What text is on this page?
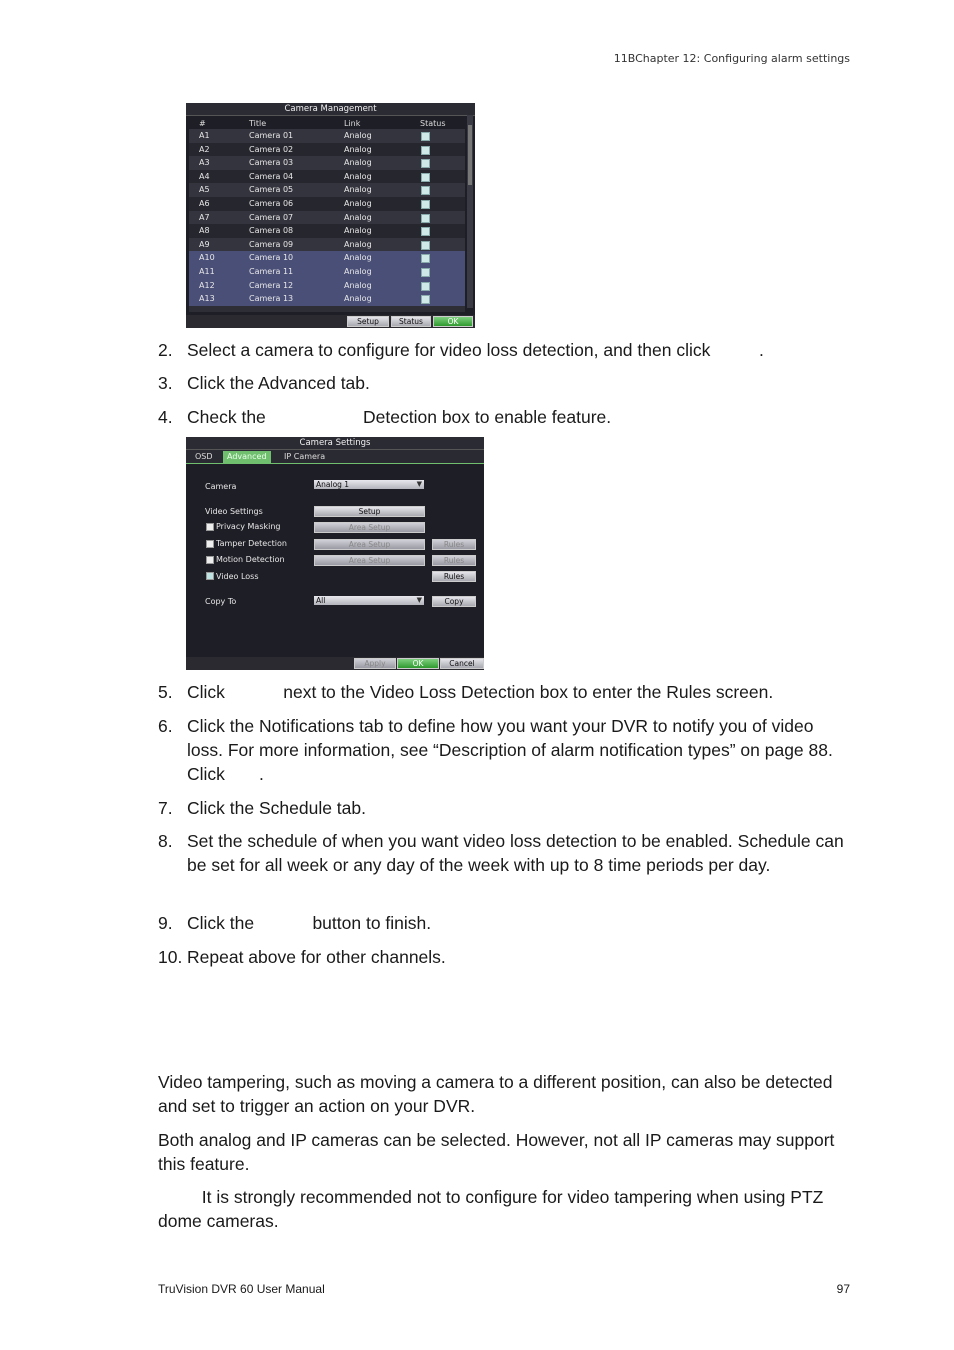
11BChapter 12: Configuring alarm settings
Camera Management
#	Title	Link	Status
A1	Camera 01	Analog
A2	Camera 02	Analog
A3	Camera 03	Analog
A4	Camera 04	Analog
A5	Camera 05	Analog
A6	Camera 06	Analog
A7	Camera 07	Analog
A8	Camera 08	Analog
A9	Camera 09	Analog
A10	Camera 10	Analog
A11	Camera 11	Analog
A12	Camera 12	Analog
A13	Camera 13	Analog
Setup	Status	OK
2. Select a camera to configure for video loss detection, and then click          .
3. Click the Advanced tab.
4. Check the                    Detection box to enable feature.
Camera Settings
OSD	Advanced	IP Camera
Camera	Analog 1	▼
Video Settings	Setup
Privacy Masking	Area Setup
Tamper Detection	Area Setup	Rules
Motion Detection	Area Setup	Rules
Video Loss	Rules
Copy To	All	▼	Copy
Apply	OK	Cancel
5. Click            next to the Video Loss Detection box to enter the Rules screen.
6. Click the Notifications tab to define how you want your DVR to notify you of video loss. For more information, see “Description of alarm notification types” on page 88. Click       .
7. Click the Schedule tab.
8. Set the schedule of when you want video loss detection to be enabled. Schedule can be set for all week or any day of the week with up to 8 time periods per day.
9. Click the            button to finish.
10. Repeat above for other channels.
Video tampering, such as moving a camera to a different position, can also be detected and set to trigger an action on your DVR.
Both analog and IP cameras can be selected. However, not all IP cameras may support this feature.
It is strongly recommended not to configure for video tampering when using PTZ dome cameras.
TruVision DVR 60 User Manual	97
